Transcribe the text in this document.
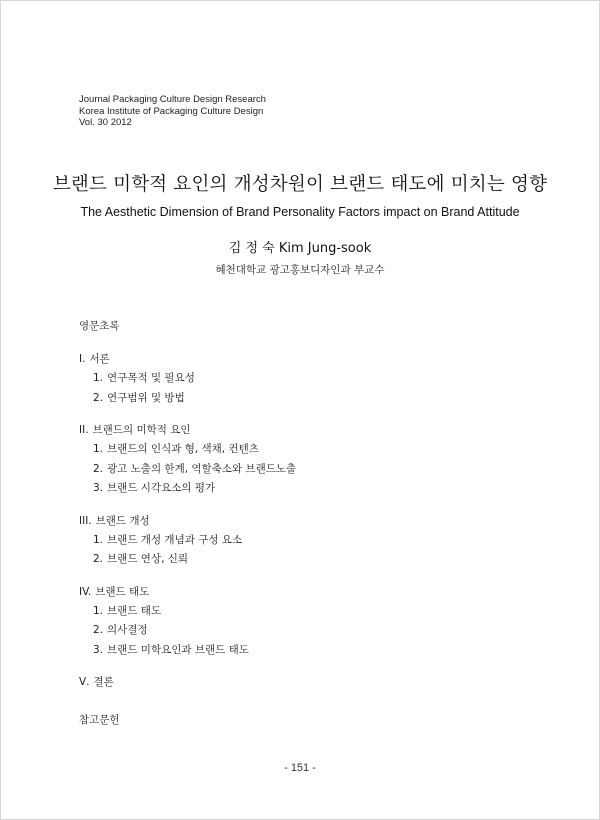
Journal Packaging Culture Design Research
Korea Institute of Packaging Culture Design
Vol. 30 2012
브랜드 미학적 요인의 개성차원이 브랜드 태도에 미치는 영향
The Aesthetic Dimension of Brand Personality Factors impact on Brand Attitude
김 정 숙 Kim Jung-sook
혜천대학교 광고홍보디자인과 부교수
영문초록
Ⅰ. 서론
1. 연구목적 및 필요성
2. 연구범위 및 방법
II. 브랜드의 미학적 요인
1. 브랜드의 인식과 형, 색채, 컨텐츠
2. 광고 노출의 한계, 역할축소와 브랜드노출
3. 브랜드 시각요소의 평가
III. 브랜드 개성
1. 브랜드 개성 개념과 구성 요소
2. 브랜드 연상, 신뢰
IV. 브랜드 태도
1. 브랜드 태도
2. 의사결정
3. 브랜드 미학요인과 브랜드 태도
Ⅴ. 결론
참고문헌
- 151 -
